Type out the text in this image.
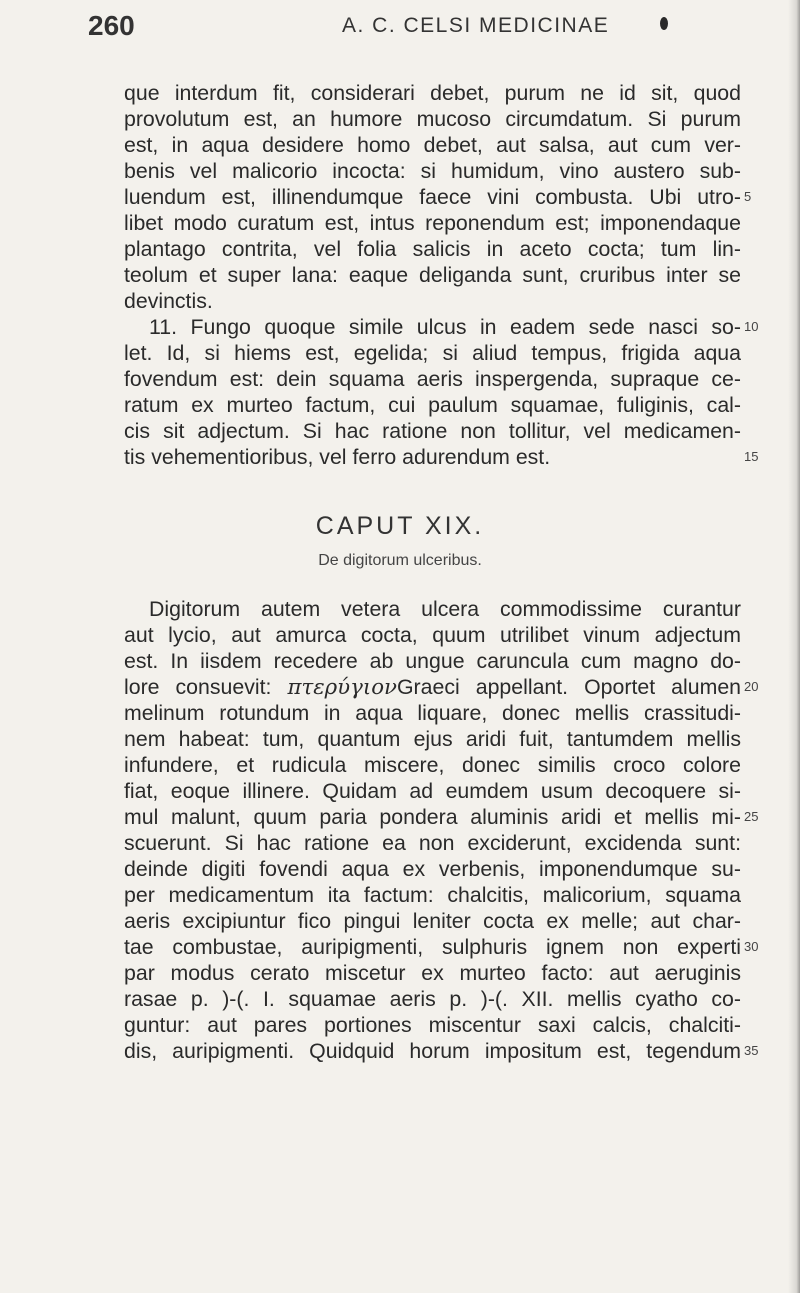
260	A. C. CELSI MEDICINAE
que interdum fit, considerari debet, purum ne id sit, quod
provolutum est, an humore mucoso circumdatum. Si purum
est, in aqua desidere homo debet, aut salsa, aut cum ver-
benis vel malicorio incocta: si humidum, vino austero sub-
luendum est, illinendumque faece vini combusta. Ubi utro-
libet modo curatum est, intus reponendum est; imponendaque
plantago contrita, vel folia salicis in aceto cocta; tum lin-
teolum et super lana: eaque deliganda sunt, cruribus inter se
devinctis.
11. Fungo quoque simile ulcus in eadem sede nasci so-
let. Id, si hiems est, egelida; si aliud tempus, frigida aqua
fovendum est: dein squama aeris inspergenda, supraque ce-
ratum ex murteo factum, cui paulum squamae, fuliginis, cal-
cis sit adjectum. Si hac ratione non tollitur, vel medicamen-
tis vehementioribus, vel ferro adurendum est.
5
10
15
CAPUT XIX.
De digitorum ulceribus.
Digitorum autem vetera ulcera commodissime curantur
aut lycio, aut amurca cocta, quum utrilibet vinum adjectum
est. In iisdem recedere ab ungue caruncula cum magno do-
lore consuevit: πτερύγιονGraeci appellant. Oportet alumen
melinum rotundum in aqua liquare, donec mellis crassitudi-
nem habeat: tum, quantum ejus aridi fuit, tantumdem mellis
infundere, et rudicula miscere, donec similis croco colore
fiat, eoque illinere. Quidam ad eumdem usum decoquere si-
mul malunt, quum paria pondera aluminis aridi et mellis mi-
scuerunt. Si hac ratione ea non exciderunt, excidenda sunt:
deinde digiti fovendi aqua ex verbenis, imponendumque su-
per medicamentum ita factum: chalcitis, malicorium, squama
aeris excipiuntur fico pingui leniter cocta ex melle; aut char-
tae combustae, auripigmenti, sulphuris ignem non experti
par modus cerato miscetur ex murteo facto: aut aeruginis
rasae p. )-(. I. squamae aeris p. )-(. XII. mellis cyatho co-
guntur: aut pares portiones miscentur saxi calcis, chalciti-
dis, auripigmenti. Quidquid horum impositum est, tegendum
20
25
30
35
